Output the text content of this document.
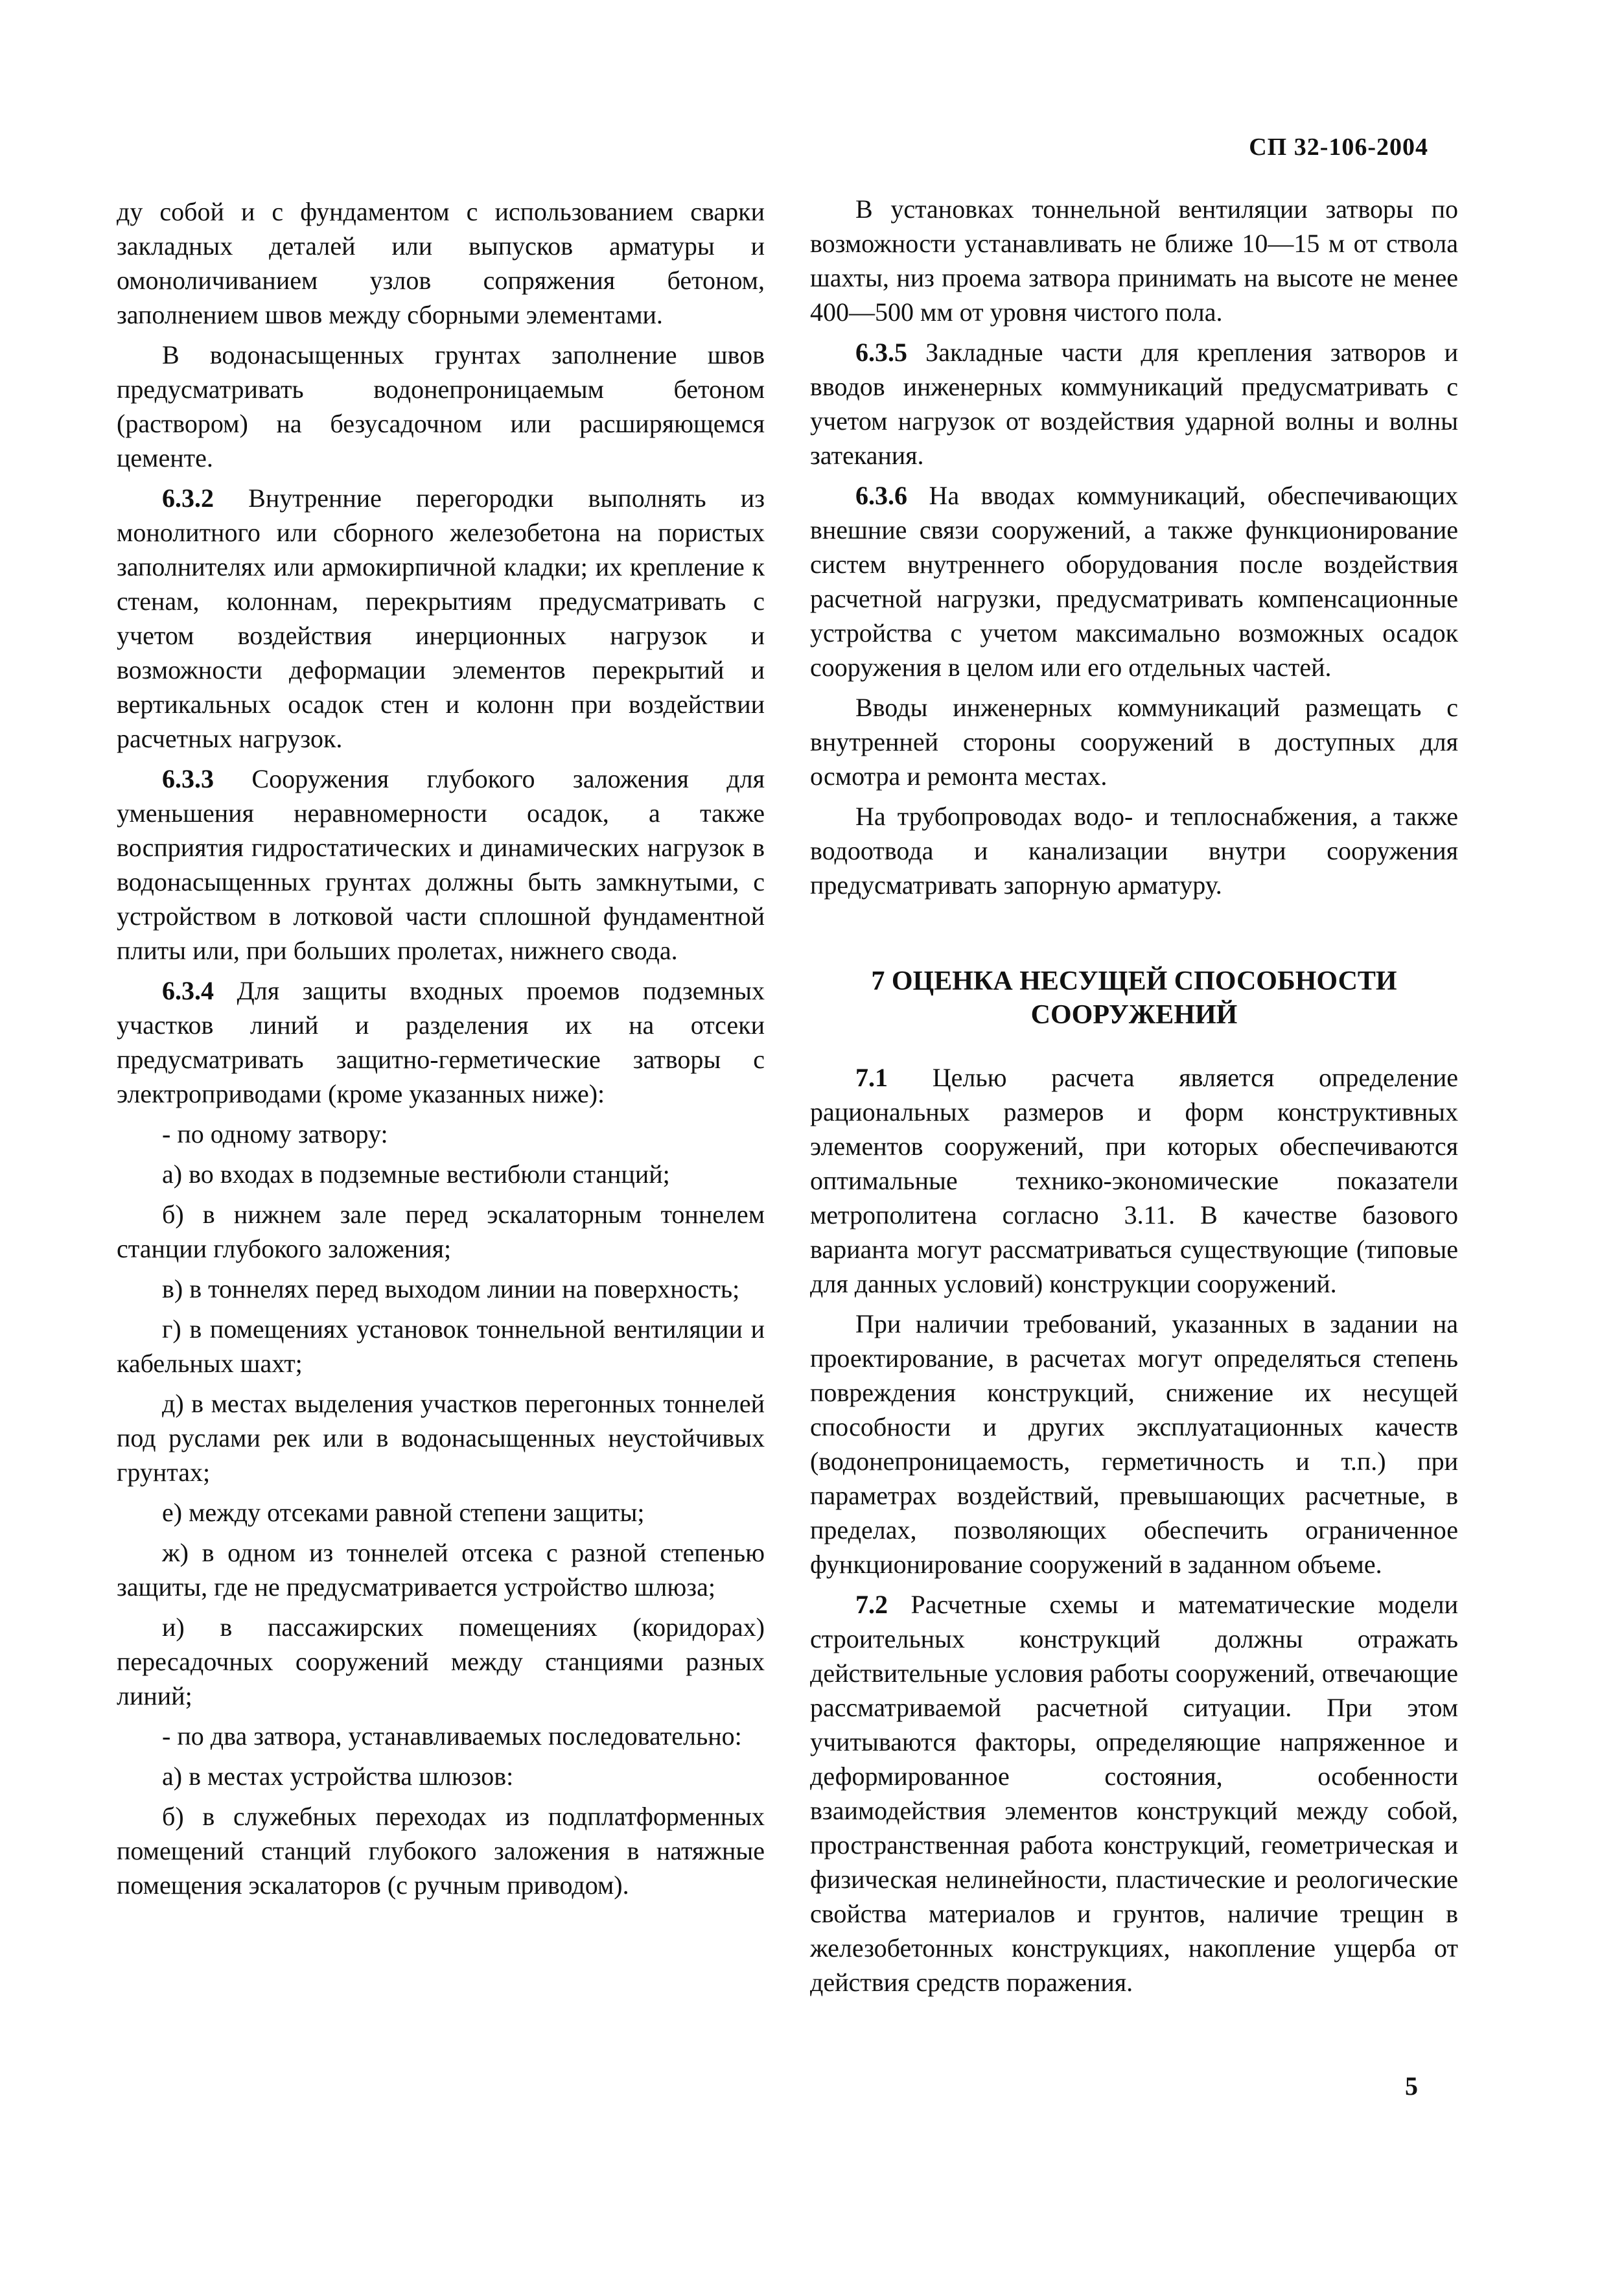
СП 32-106-2004

ду собой и с фундаментом с использованием сварки закладных деталей или выпусков арматуры и омоноличиванием узлов сопряжения бетоном, заполнением швов между сборными элементами.

В водонасыщенных грунтах заполнение швов предусматривать водонепроницаемым бетоном (раствором) на безусадочном или расширяющемся цементе.

6.3.2 Внутренние перегородки выполнять из монолитного или сборного железобетона на пористых заполнителях или армокирпичной кладки; их крепление к стенам, колоннам, перекрытиям предусматривать с учетом воздействия инерционных нагрузок и возможности деформации элементов перекрытий и вертикальных осадок стен и колонн при воздействии расчетных нагрузок.

6.3.3 Сооружения глубокого заложения для уменьшения неравномерности осадок, а также восприятия гидростатических и динамических нагрузок в водонасыщенных грунтах должны быть замкнутыми, с устройством в лотковой части сплошной фундаментной плиты или, при больших пролетах, нижнего свода.

6.3.4 Для защиты входных проемов подземных участков линий и разделения их на отсеки предусматривать защитно-герметические затворы с электроприводами (кроме указанных ниже):

- по одному затвору:

а) во входах в подземные вестибюли станций;

б) в нижнем зале перед эскалаторным тоннелем станции глубокого заложения;

в) в тоннелях перед выходом линии на поверхность;

г) в помещениях установок тоннельной вентиляции и кабельных шахт;

д) в местах выделения участков перегонных тоннелей под руслами рек или в водонасыщенных неустойчивых грунтах;

е) между отсеками равной степени защиты;

ж) в одном из тоннелей отсека с разной степенью защиты, где не предусматривается устройство шлюза;

и) в пассажирских помещениях (коридорах) пересадочных сооружений между станциями разных линий;

- по два затвора, устанавливаемых последовательно:

а) в местах устройства шлюзов:

б) в служебных переходах из подплатформенных помещений станций глубокого заложения в натяжные помещения эскалаторов (с ручным приводом).

В установках тоннельной вентиляции затворы по возможности устанавливать не ближе 10—15 м от ствола шахты, низ проема затвора принимать на высоте не менее 400—500 мм от уровня чистого пола.

6.3.5 Закладные части для крепления затворов и вводов инженерных коммуникаций предусматривать с учетом нагрузок от воздействия ударной волны и волны затекания.

6.3.6 На вводах коммуникаций, обеспечивающих внешние связи сооружений, а также функционирование систем внутреннего оборудования после воздействия расчетной нагрузки, предусматривать компенсационные устройства с учетом максимально возможных осадок сооружения в целом или его отдельных частей.

Вводы инженерных коммуникаций размещать с внутренней стороны сооружений в доступных для осмотра и ремонта местах.

На трубопроводах водо- и теплоснабжения, а также водоотвода и канализации внутри сооружения предусматривать запорную арматуру.

7 ОЦЕНКА НЕСУЩЕЙ СПОСОБНОСТИ СООРУЖЕНИЙ

7.1 Целью расчета является определение рациональных размеров и форм конструктивных элементов сооружений, при которых обеспечиваются оптимальные технико-экономические показатели метрополитена согласно 3.11. В качестве базового варианта могут рассматриваться существующие (типовые для данных условий) конструкции сооружений.

При наличии требований, указанных в задании на проектирование, в расчетах могут определяться степень повреждения конструкций, снижение их несущей способности и других эксплуатационных качеств (водонепроницаемость, герметичность и т.п.) при параметрах воздействий, превышающих расчетные, в пределах, позволяющих обеспечить ограниченное функционирование сооружений в заданном объеме.

7.2 Расчетные схемы и математические модели строительных конструкций должны отражать действительные условия работы сооружений, отвечающие рассматриваемой расчетной ситуации. При этом учитываются факторы, определяющие напряженное и деформированное состояния, особенности взаимодействия элементов конструкций между собой, пространственная работа конструкций, геометрическая и физическая нелинейности, пластические и реологические свойства материалов и грунтов, наличие трещин в железобетонных конструкциях, накопление ущерба от действия средств поражения.

5
